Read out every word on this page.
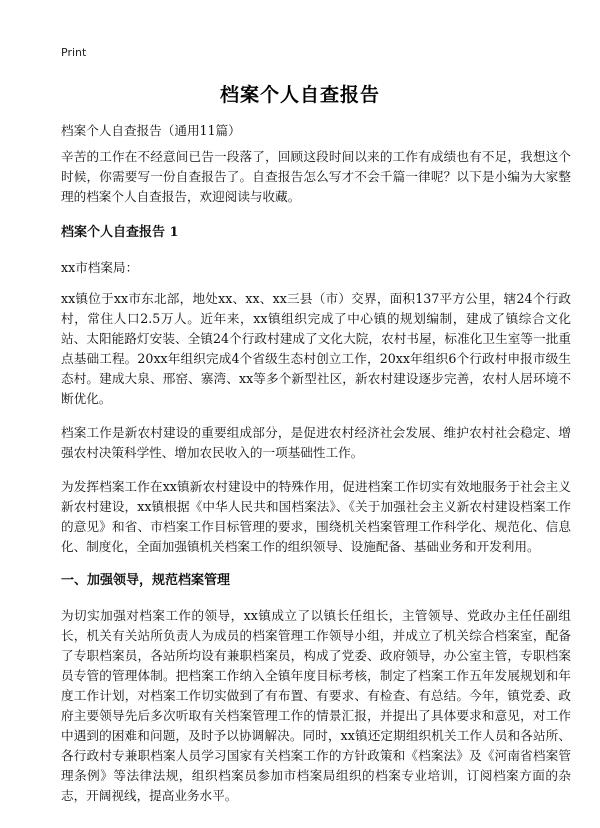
Print
档案个人自查报告

档案个人自查报告（通用11篇）

辛苦的工作在不经意间已告一段落了，回顾这段时间以来的工作有成绩也有不足，我想这个时候，你需要写一份自查报告了。自查报告怎么写才不会千篇一律呢？以下是小编为大家整理的档案个人自查报告，欢迎阅读与收藏。

档案个人自查报告 1

xx市档案局：

xx镇位于xx市东北部，地处xx、xx、xx三县（市）交界，面积137平方公里，辖24个行政村，常住人口2.5万人。近年来，xx镇组织完成了中心镇的规划编制，建成了镇综合文化站、太阳能路灯安装、全镇24个行政村建成了文化大院，农村书屋，标准化卫生室等一批重点基础工程。20xx年组织完成4个省级生态村创立工作，20xx年组织6个行政村申报市级生态村。建成大泉、邢窑、寨湾、xx等多个新型社区，新农村建设逐步完善，农村人居环境不断优化。

档案工作是新农村建设的重要组成部分，是促进农村经济社会发展、维护农村社会稳定、增强农村决策科学性、增加农民收入的一项基础性工作。

为发挥档案工作在xx镇新农村建设中的特殊作用，促进档案工作切实有效地服务于社会主义新农村建设，xx镇根据《中华人民共和国档案法》、《关于加强社会主义新农村建设档案工作的意见》和省、市档案工作目标管理的要求，围绕机关档案管理工作科学化、规范化、信息化、制度化，全面加强镇机关档案工作的组织领导、设施配备、基础业务和开发利用。

一、加强领导，规范档案管理

为切实加强对档案工作的领导，xx镇成立了以镇长任组长，主管领导、党政办主任任副组长，机关有关站所负责人为成员的档案管理工作领导小组，并成立了机关综合档案室，配备了专职档案员，各站所均设有兼职档案员，构成了党委、政府领导，办公室主管，专职档案员专管的管理体制。把档案工作纳入全镇年度目标考核，制定了档案工作五年发展规划和年度工作计划，对档案工作切实做到了有布置、有要求、有检查、有总结。今年，镇党委、政府主要领导先后多次听取有关档案管理工作的情景汇报，并提出了具体要求和意见，对工作中遇到的困难和问题，及时予以协调解决。同时，xx镇还定期组织机关工作人员和各站所、各行政村专兼职档案人员学习国家有关档案工作的方针政策和《档案法》及《河南省档案管理条例》等法律法规，组织档案员参加市档案局组织的档案专业培训，订阅档案方面的杂志，开阔视线，提高业务水平。
